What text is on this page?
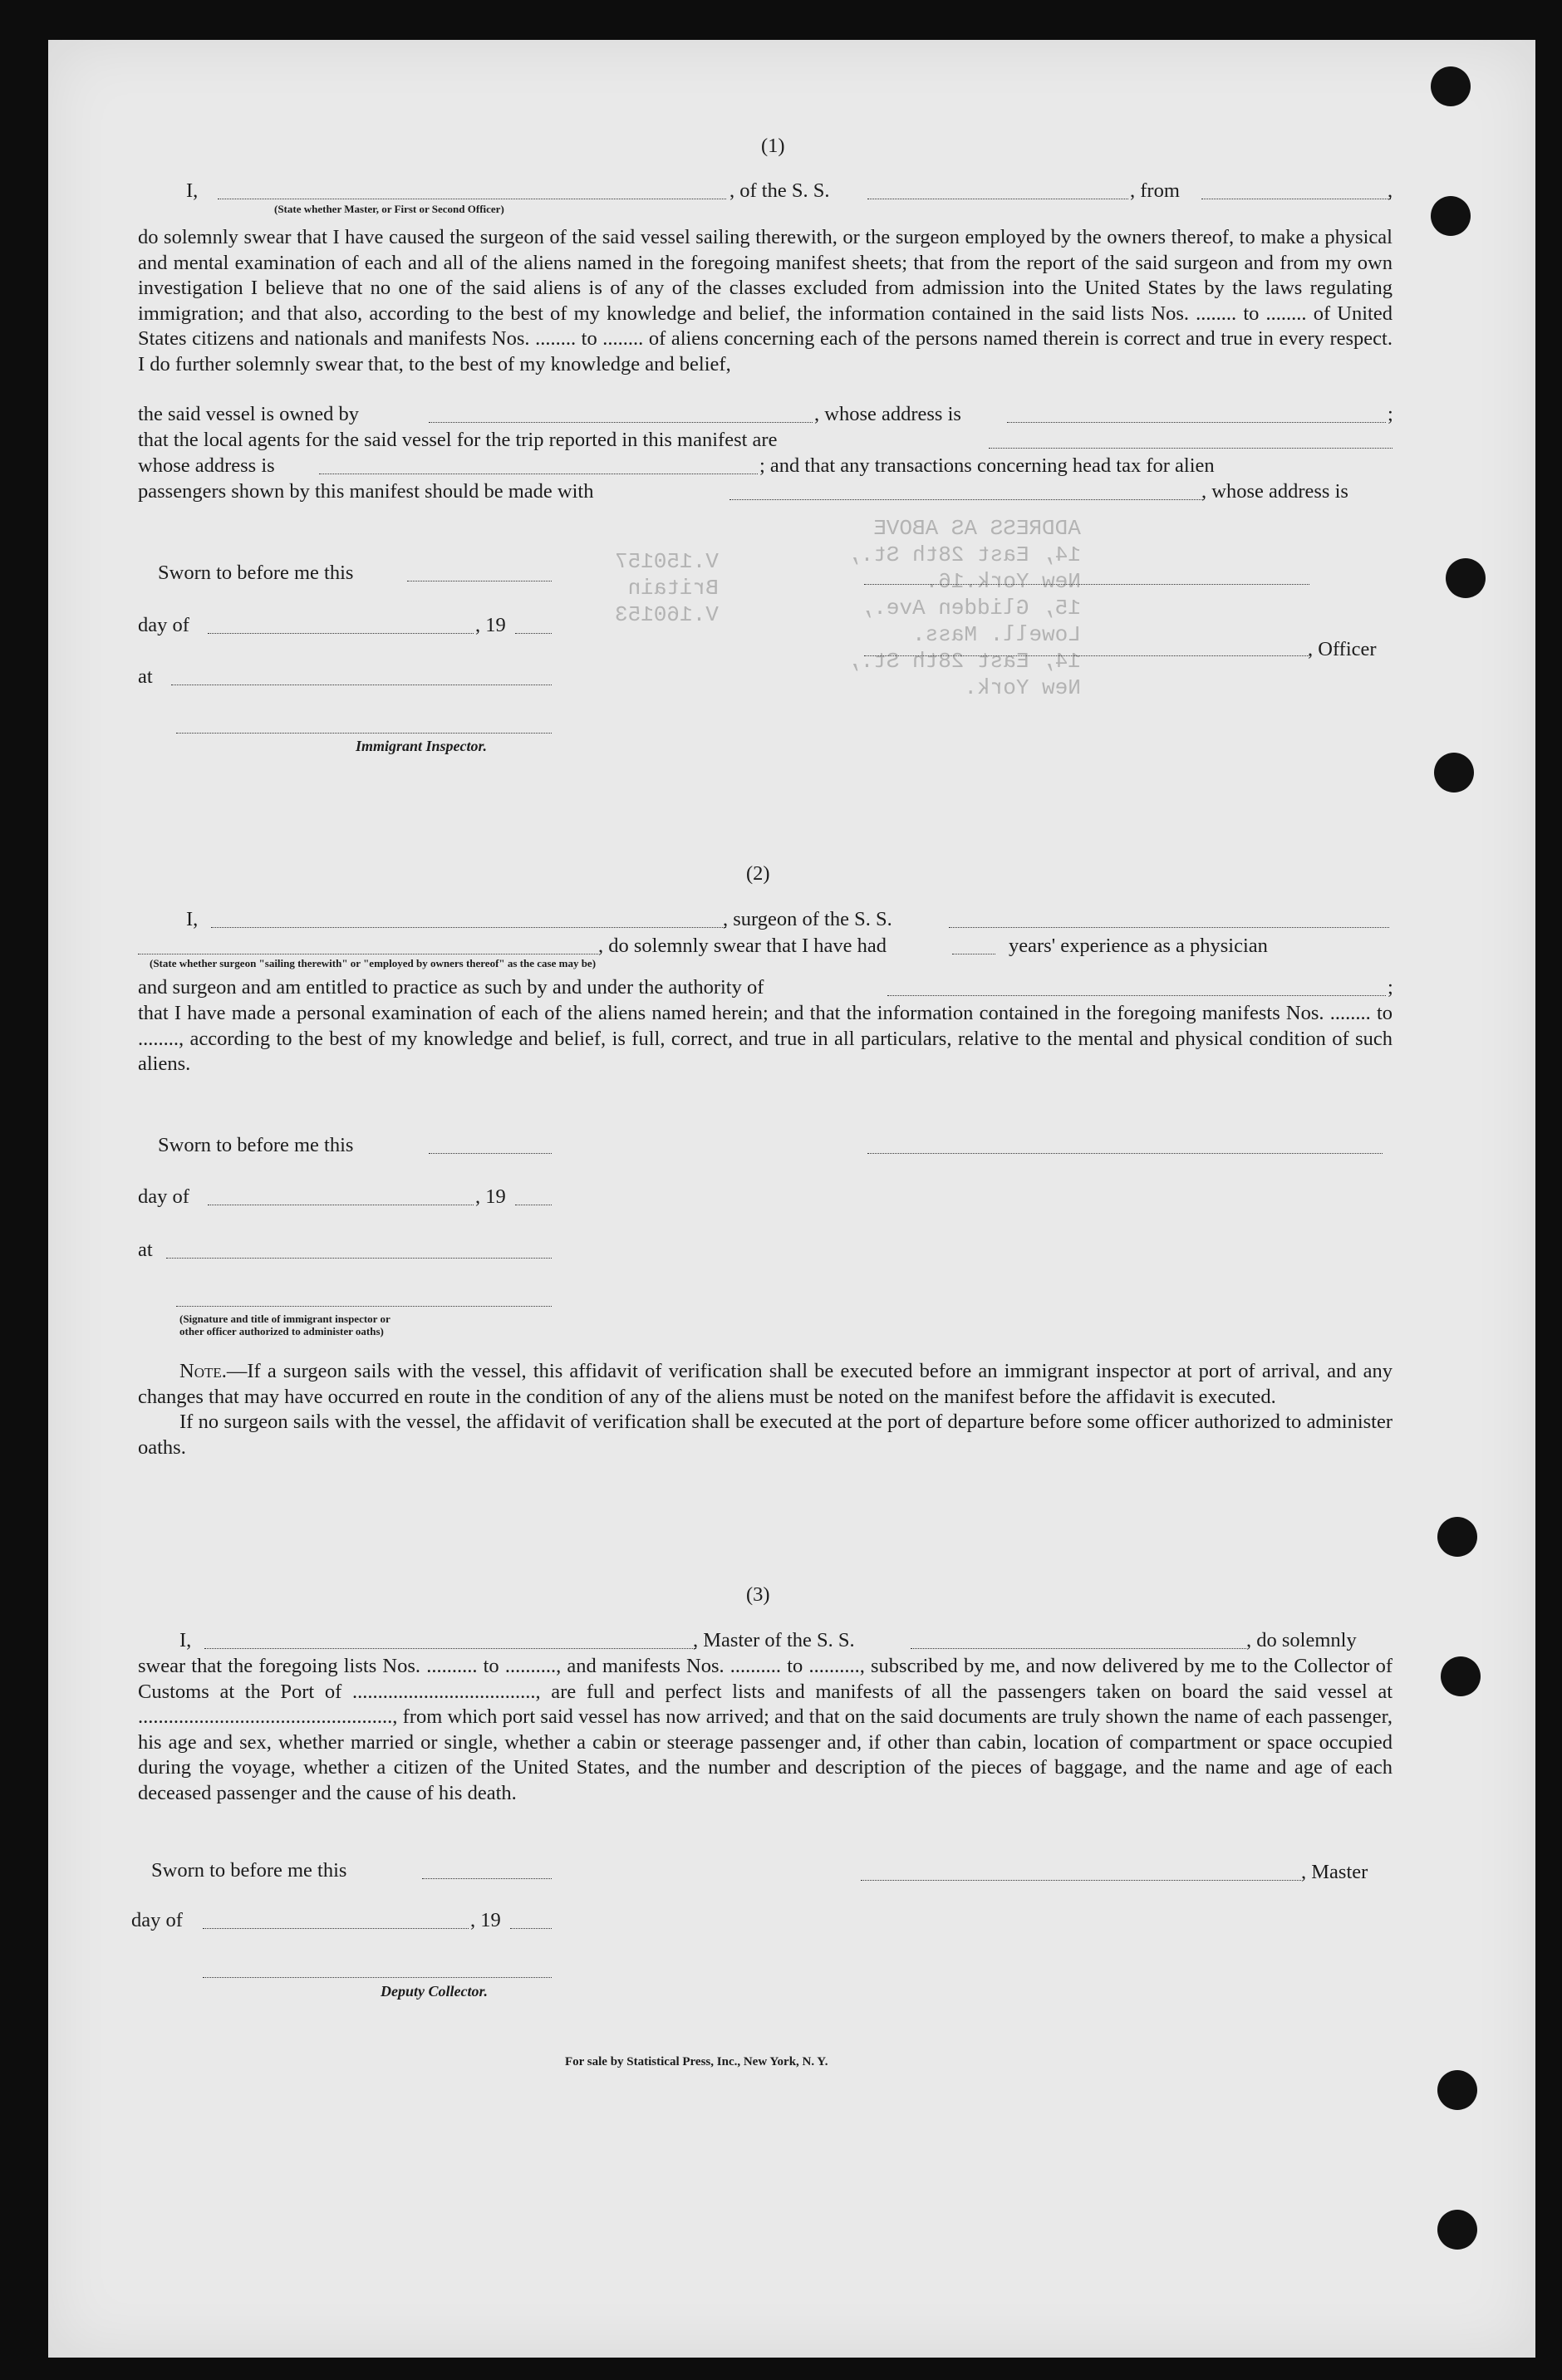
ADDRESS AS ABOVE
14, East 28th St.,
New York.16.
15, Glidden Ave.,
Lowell. Mass.
14, East 28th St.,
New York.
V.150157
Britain
V.160153
(1)
I,
(State whether Master, or First or Second Officer)
, of the S. S.	, from	,

do solemnly swear that I have caused the surgeon of the said vessel sailing therewith, or the surgeon employed by the owners thereof, to make a physical and mental examination of each and all of the aliens named in the foregoing manifest sheets; that from the report of the said surgeon and from my own investigation I believe that no one of the said aliens is of any of the classes excluded from admission into the United States by the laws regulating immigration; and that also, according to the best of my knowledge and belief, the information contained in the said lists Nos. ........ to ........ of United States citizens and nationals and manifests Nos. ........ to ........ of aliens concerning each of the persons named therein is correct and true in every respect. I do further solemnly swear that, to the best of my knowledge and belief,

the said vessel is owned by	, whose address is	;
that the local agents for the said vessel for the trip reported in this manifest are
whose address is	; and that any transactions concerning head tax for alien
passengers shown by this manifest should be made with	, whose address is
Sworn to before me this
day of	, 19
at
Immigrant Inspector.
, Officer
(2)
I,	, surgeon of the S. S.
, do solemnly swear that I have had	years' experience as a physician
(State whether surgeon "sailing therewith" or "employed by owners thereof" as the case may be)
and surgeon and am entitled to practice as such by and under the authority of	;

that I have made a personal examination of each of the aliens named herein; and that the information contained in the foregoing manifests Nos. ........ to ........, according to the best of my knowledge and belief, is full, correct, and true in all particulars, relative to the mental and physical condition of such aliens.

Sworn to before me this
day of	, 19
at
(Signature and title of immigrant inspector or
other officer authorized to administer oaths)

Note.—If a surgeon sails with the vessel, this affidavit of verification shall be executed before an immigrant inspector at port of arrival, and any changes that may have occurred en route in the condition of any of the aliens must be noted on the manifest before the affidavit is executed.

If no surgeon sails with the vessel, the affidavit of verification shall be executed at the port of departure before some officer authorized to administer oaths.

(3)
I,	, Master of the S. S.	, do solemnly

swear that the foregoing lists Nos. .......... to .........., and manifests Nos. .......... to .........., subscribed by me, and now delivered by me to the Collector of Customs at the Port of ...................................., are full and perfect lists and manifests of all the passengers taken on board the said vessel at .................................................., from which port said vessel has now arrived; and that on the said documents are truly shown the name of each passenger, his age and sex, whether married or single, whether a cabin or steerage passenger and, if other than cabin, location of compartment or space occupied during the voyage, whether a citizen of the United States, and the number and description of the pieces of baggage, and the name and age of each deceased passenger and the cause of his death.

Sworn to before me this	, Master
day of	, 19
Deputy Collector.
For sale by Statistical Press, Inc., New York, N. Y.
